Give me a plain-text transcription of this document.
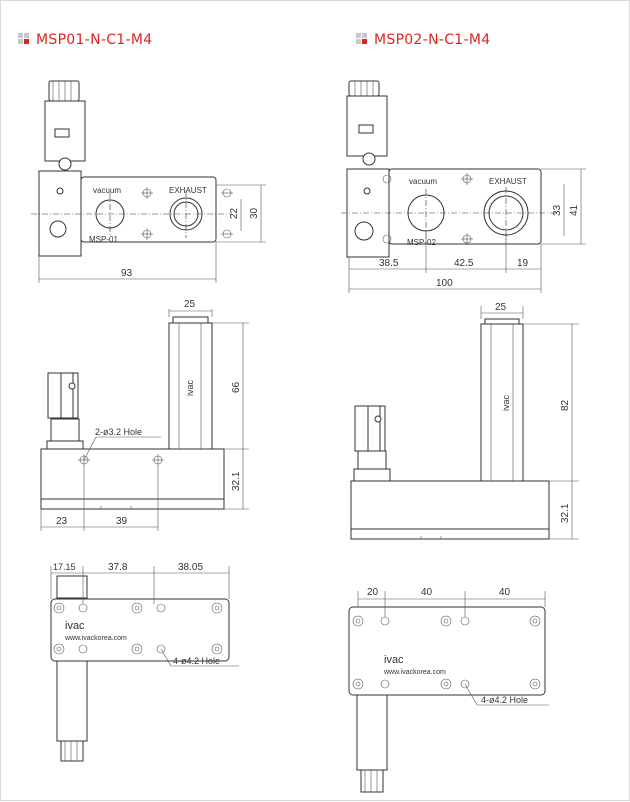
MSP01-N-C1-M4	MSP02-N-C1-M4
vacuum	EXHAUST
MSP-01
22 30
93
ivac
2-ø3.2 Hole
25
66
32.1
23	39
ivac
www.ivackorea.com
4-ø4.2 Hole
17.15	37.8	38.05
vacuum	EXHAUST
MSP-02
33 41
38.5	42.5	19
100
ivac
25
82
32.1
ivac
www.ivackorea.com
4-ø4.2 Hole
20	40	40
